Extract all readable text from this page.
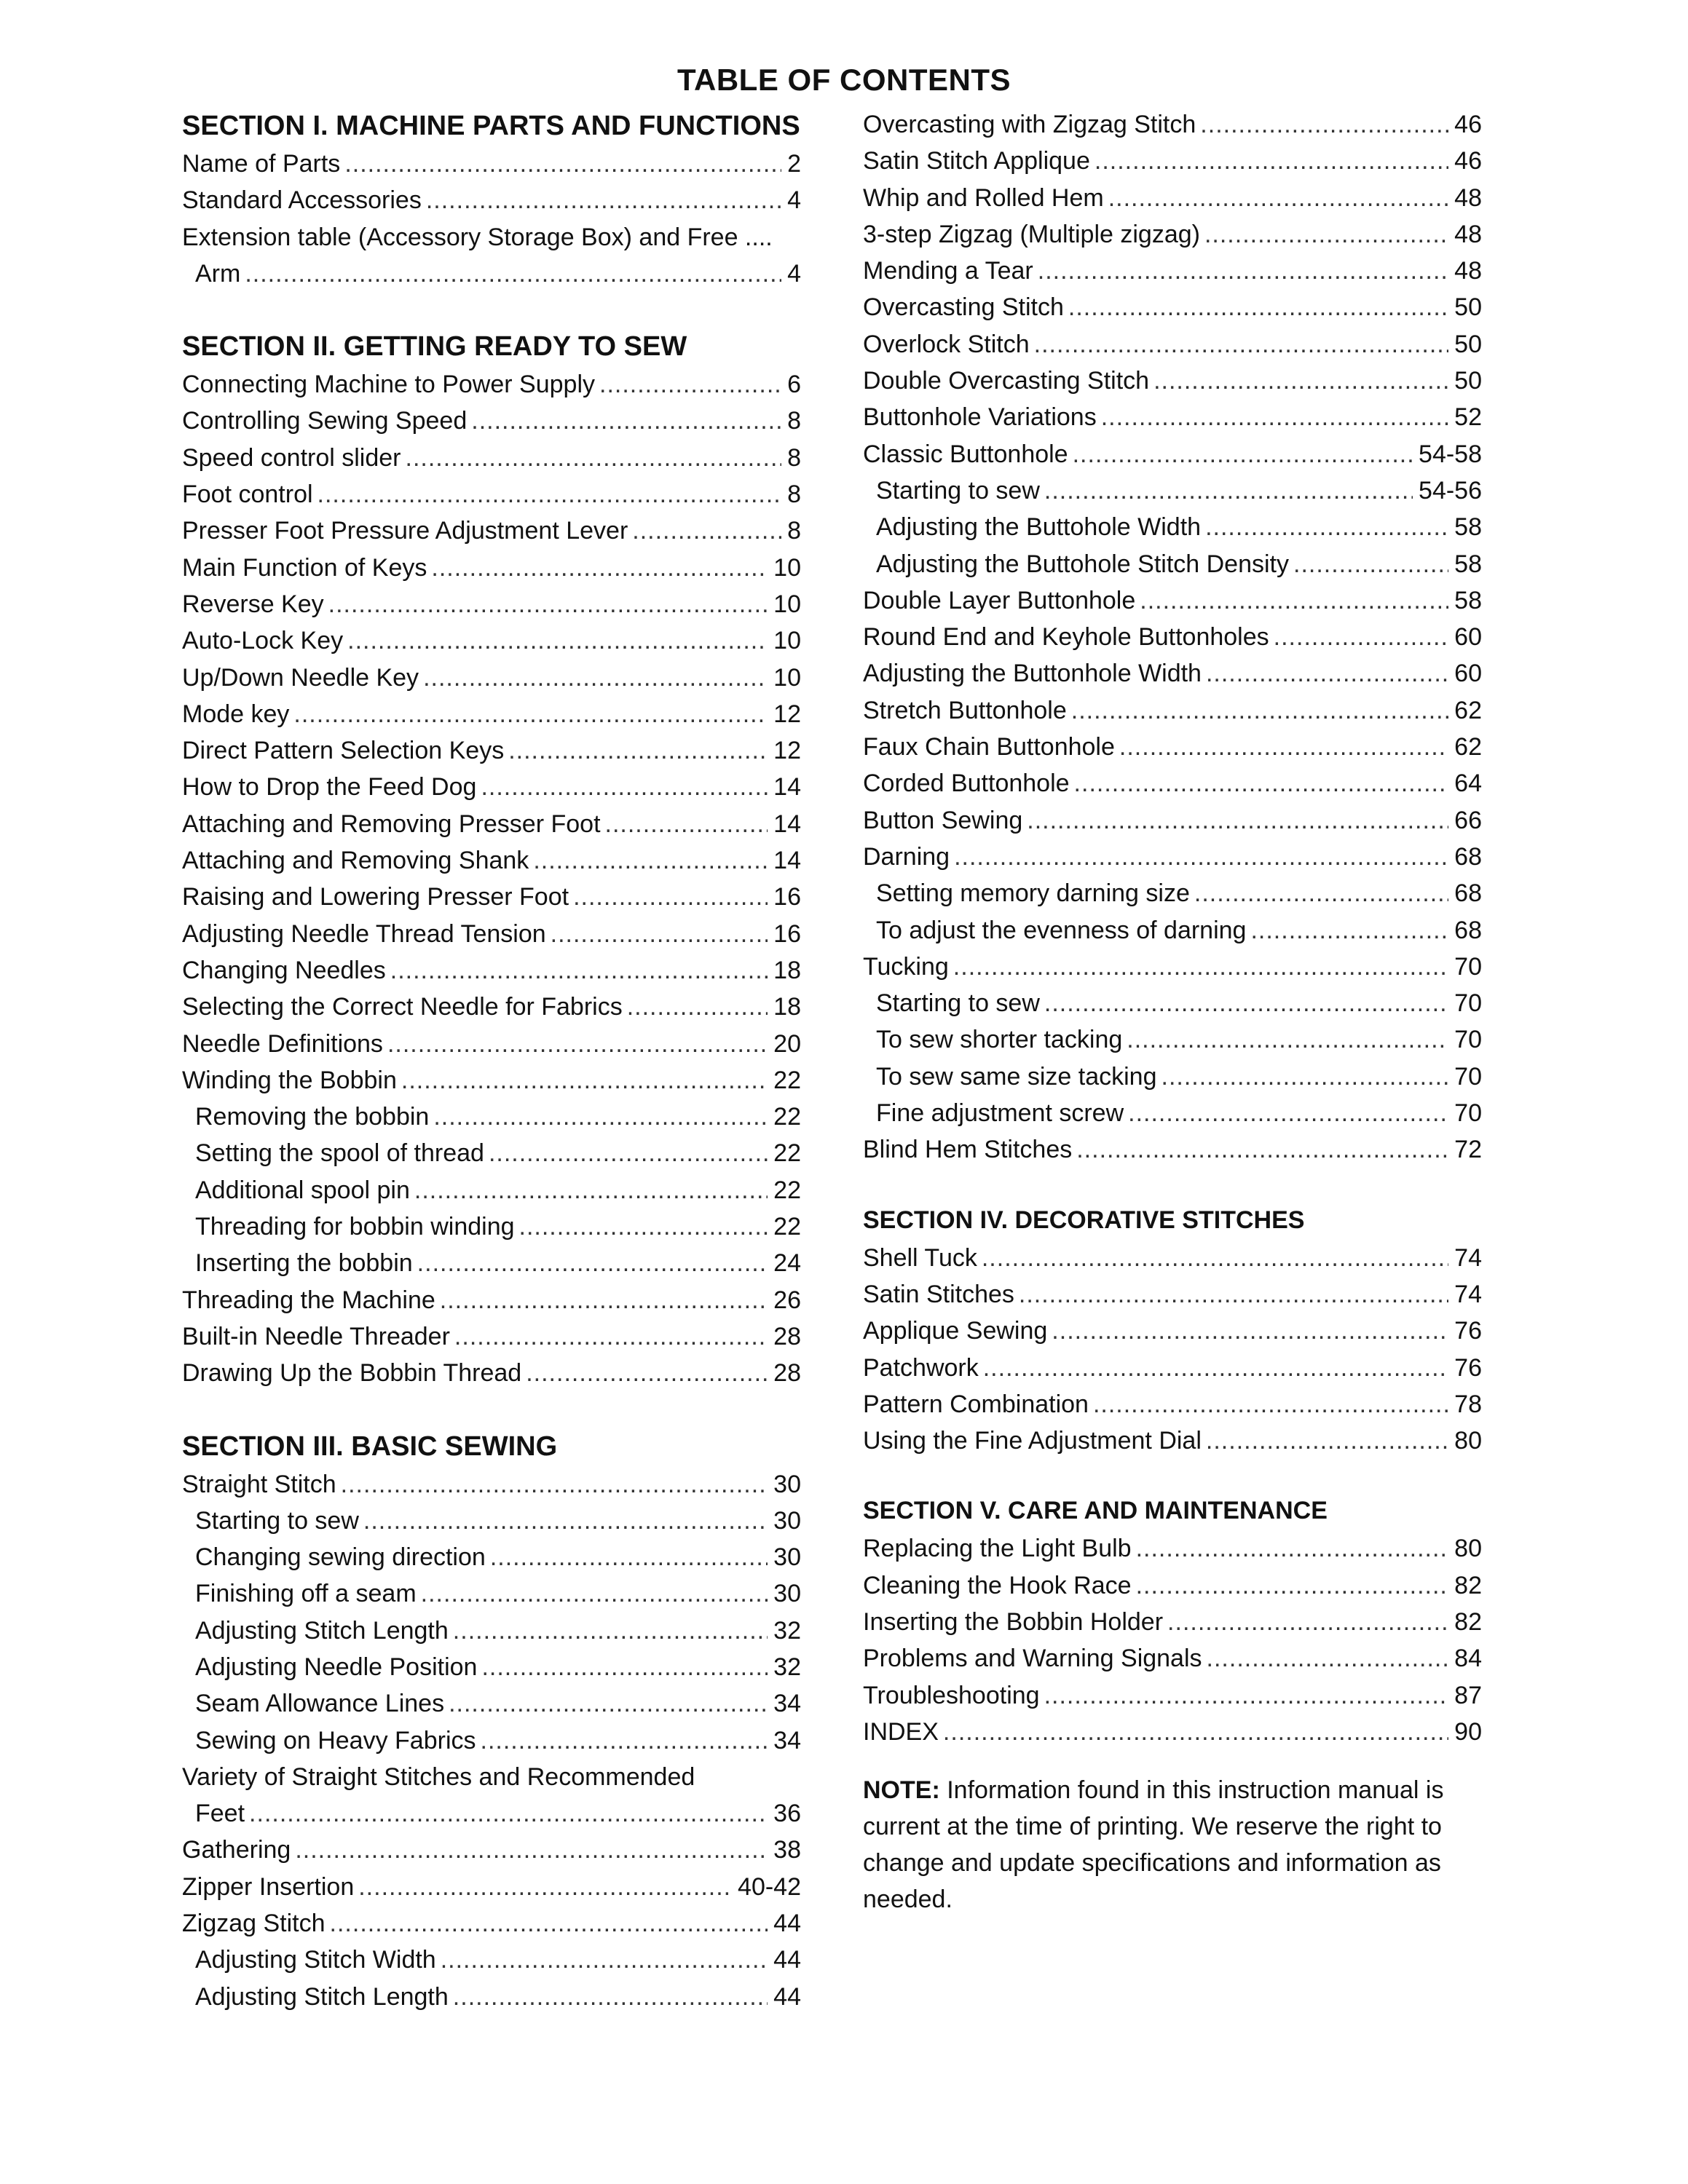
TABLE OF CONTENTS
SECTION I. MACHINE PARTS AND FUNCTIONS
Name of Parts .....	2
Standard Accessories .....	4
Extension table (Accessory Storage Box) and Free ....
Arm .....	4
SECTION II. GETTING READY TO SEW
Connecting Machine to Power Supply .....	6
Controlling Sewing Speed .....	8
Speed control slider .....	8
Foot control .....	8
Presser Foot Pressure Adjustment Lever .....	8
Main Function of Keys .....	10
Reverse Key .....	10
Auto-Lock Key .....	10
Up/Down Needle Key .....	10
Mode key .....	12
Direct Pattern Selection Keys .....	12
How to Drop the Feed Dog .....	14
Attaching and Removing Presser Foot .....	14
Attaching and Removing Shank .....	14
Raising and Lowering Presser Foot .....	16
Adjusting Needle Thread Tension .....	16
Changing Needles .....	18
Selecting the Correct Needle for Fabrics .....	18
Needle Definitions .....	20
Winding the Bobbin .....	22
Removing the bobbin .....	22
Setting the spool of thread .....	22
Additional spool pin .....	22
Threading for bobbin winding .....	22
Inserting the bobbin .....	24
Threading the Machine .....	26
Built-in Needle Threader .....	28
Drawing Up the Bobbin Thread .....	28
SECTION III. BASIC SEWING
Straight Stitch .....	30
Starting to sew .....	30
Changing sewing direction .....	30
Finishing off a seam .....	30
Adjusting Stitch Length .....	32
Adjusting Needle Position .....	32
Seam Allowance Lines .....	34
Sewing on Heavy Fabrics .....	34
Variety of Straight Stitches and Recommended
Feet .....	36
Gathering .....	38
Zipper Insertion .....	40-42
Zigzag Stitch .....	44
Adjusting Stitch Width .....	44
Adjusting Stitch Length .....	44
Overcasting with Zigzag Stitch .....	46
Satin Stitch Applique .....	46
Whip and Rolled Hem .....	48
3-step Zigzag (Multiple zigzag) .....	48
Mending a Tear .....	48
Overcasting Stitch .....	50
Overlock Stitch .....	50
Double Overcasting Stitch .....	50
Buttonhole Variations .....	52
Classic Buttonhole .....	54-58
Starting to sew .....	54-56
Adjusting the Buttohole Width .....	58
Adjusting the Buttohole Stitch Density .....	58
Double Layer Buttonhole .....	58
Round End and Keyhole Buttonholes .....	60
Adjusting the Buttonhole Width .....	60
Stretch Buttonhole .....	62
Faux Chain Buttonhole .....	62
Corded Buttonhole .....	64
Button Sewing .....	66
Darning .....	68
Setting memory darning size .....	68
To adjust the evenness of darning .....	68
Tucking .....	70
Starting to sew .....	70
To sew shorter tacking .....	70
To sew same size tacking .....	70
Fine adjustment screw .....	70
Blind Hem Stitches .....	72
SECTION IV. DECORATIVE STITCHES
Shell Tuck .....	74
Satin Stitches .....	74
Applique Sewing .....	76
Patchwork .....	76
Pattern Combination .....	78
Using the Fine Adjustment Dial .....	80
SECTION V. CARE AND MAINTENANCE
Replacing the Light Bulb .....	80
Cleaning the Hook Race .....	82
Inserting the Bobbin Holder .....	82
Problems and Warning Signals .....	84
Troubleshooting .....	87
INDEX .....	90
NOTE: Information found in this instruction manual is current at the time of printing. We reserve the right to change and update specifications and information as needed.
